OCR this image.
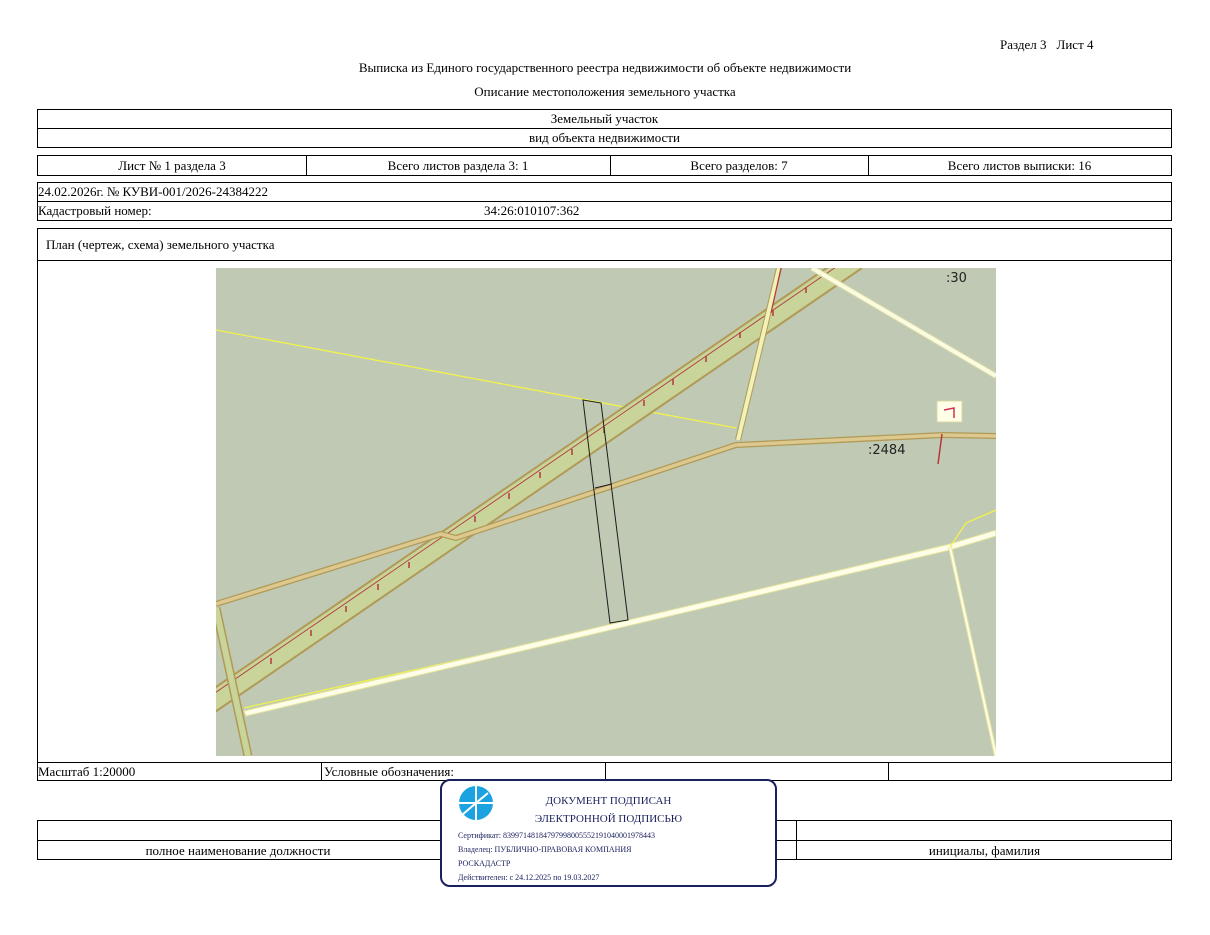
Раздел 3 Лист 4
Выписка из Единого государственного реестра недвижимости об объекте недвижимости
Описание местоположения земельного участка
Земельный участок
вид объекта недвижимости
Лист № 1 раздела 3	Всего листов раздела 3: 1	Всего разделов: 7	Всего листов выписки: 16
24.02.2026г. № КУВИ-001/2026-24384222
Кадастровый номер:	34:26:010107:362
План (чертеж, схема) земельного участка
:30
:2484
Масштаб 1:20000	Условные обозначения:
полное наименование должности	инициалы, фамилия
ДОКУМЕНТ ПОДПИСАН
ЭЛЕКТРОННОЙ ПОДПИСЬЮ
Сертификат: 8399714818479799800555219104000197844​3
Владелец: ПУБЛИЧНО-ПРАВОВАЯ КОМПАНИЯ
РОСКАДАСТР
Действителен: с 24.12.2025 по 19.03.2027
